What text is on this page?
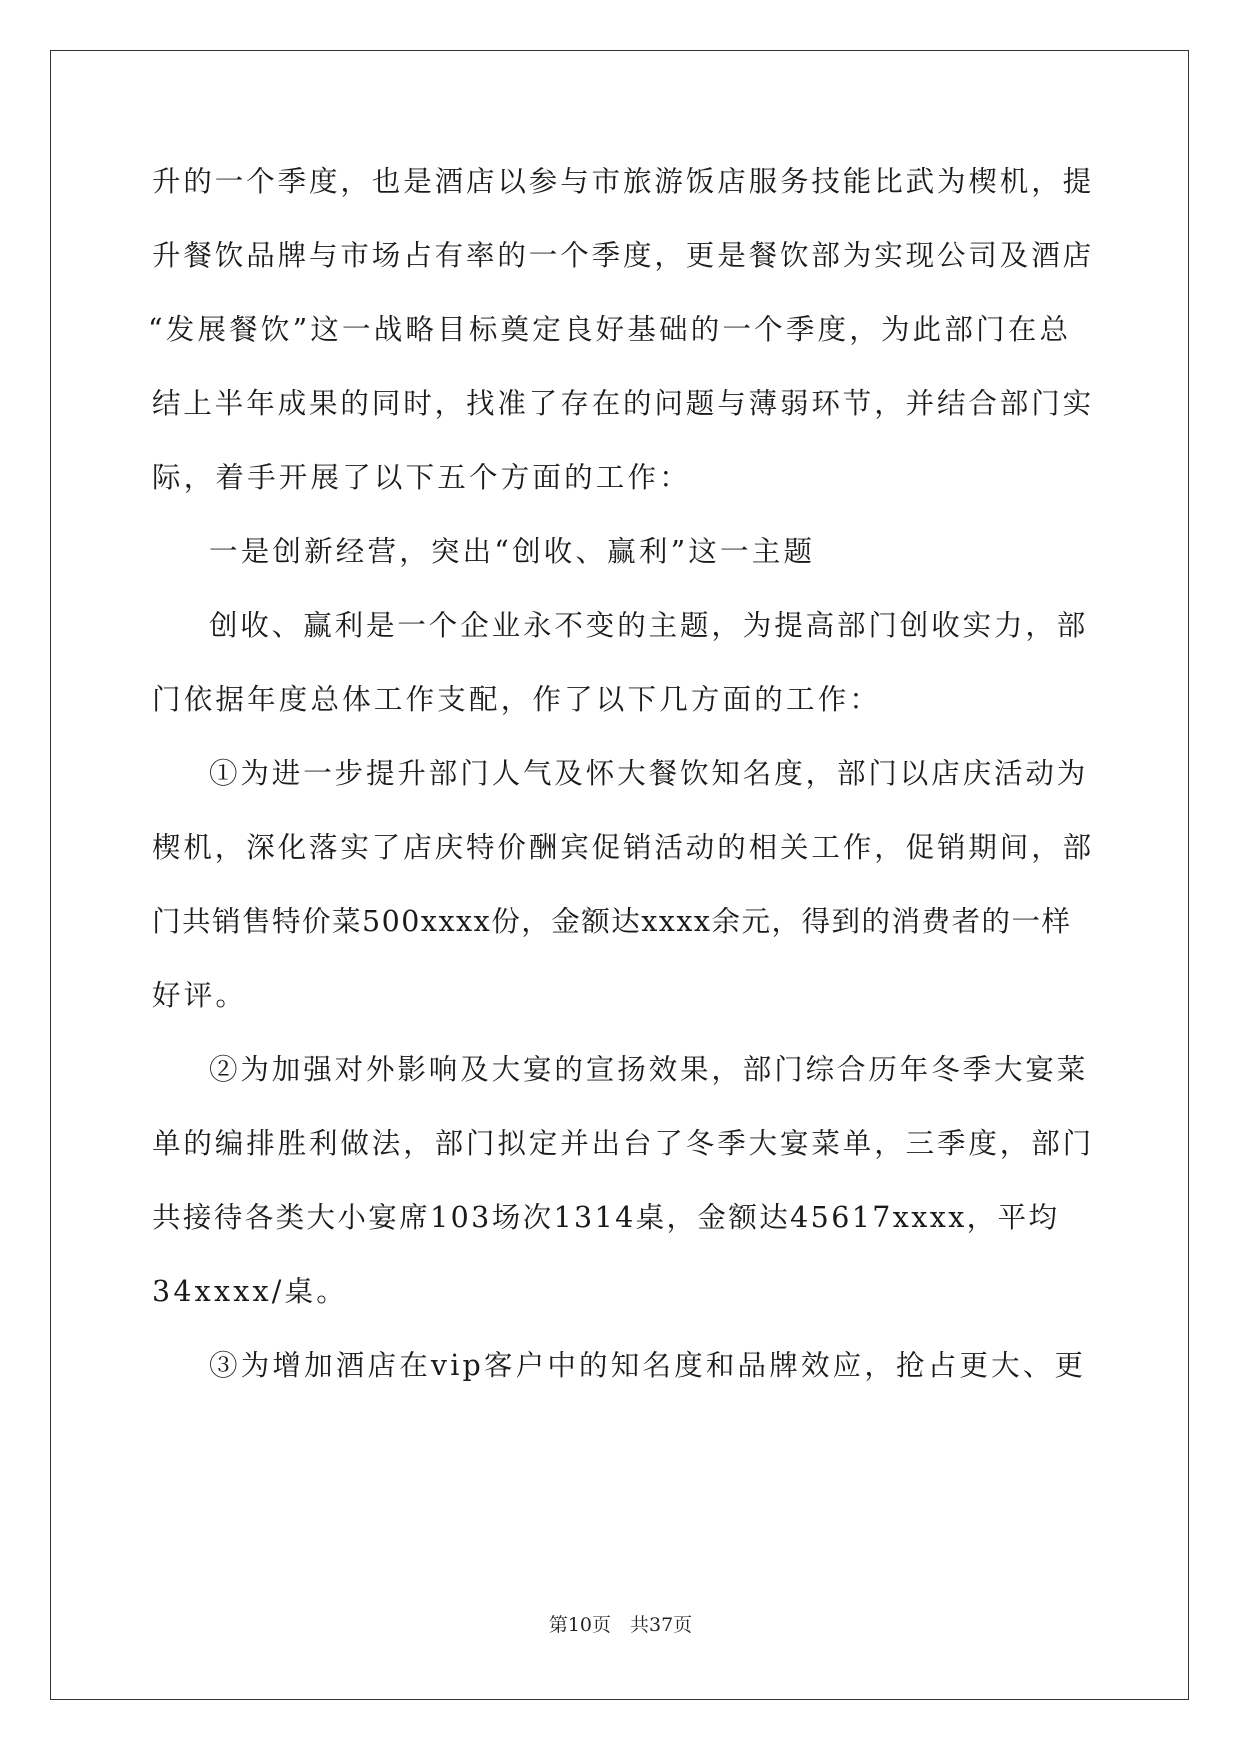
升的一个季度，也是酒店以参与市旅游饭店服务技能比武为楔机，提
升餐饮品牌与市场占有率的一个季度，更是餐饮部为实现公司及酒店
“发展餐饮”这一战略目标奠定良好基础的一个季度，为此部门在总
结上半年成果的同时，找准了存在的问题与薄弱环节，并结合部门实
际，着手开展了以下五个方面的工作：
一是创新经营，突出“创收、赢利”这一主题
创收、赢利是一个企业永不变的主题，为提高部门创收实力，部
门依据年度总体工作支配，作了以下几方面的工作：
①为进一步提升部门人气及怀大餐饮知名度，部门以店庆活动为
楔机，深化落实了店庆特价酬宾促销活动的相关工作，促销期间，部
门共销售特价菜500xxxx份，金额达xxxx余元，得到的消费者的一样
好评。
②为加强对外影响及大宴的宣扬效果，部门综合历年冬季大宴菜
单的编排胜利做法，部门拟定并出台了冬季大宴菜单，三季度，部门
共接待各类大小宴席103场次1314桌，金额达45617xxxx，平均
34xxxx/桌。
③为增加酒店在vip客户中的知名度和品牌效应，抢占更大、更
第10页　共37页
